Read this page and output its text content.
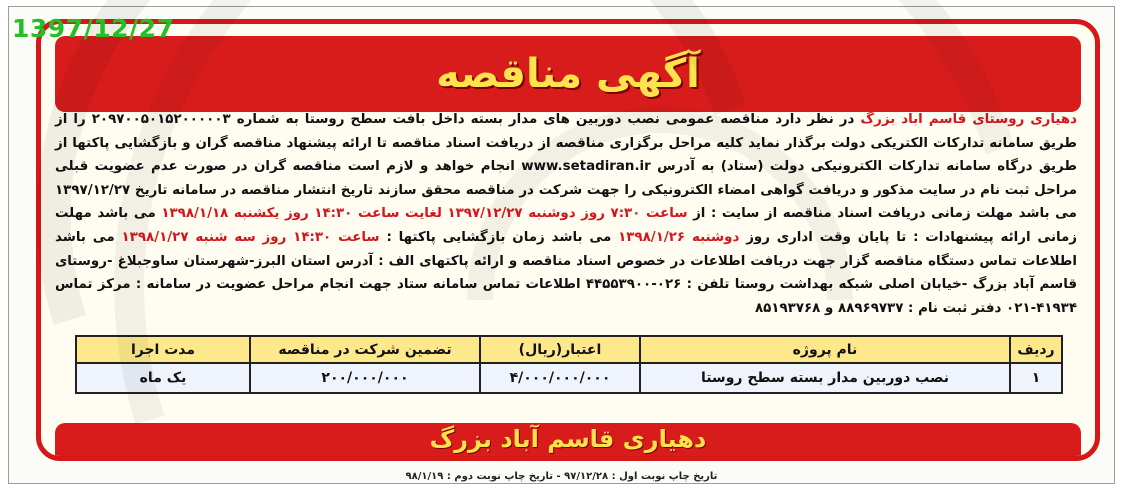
1397/12/27
آگهی مناقصه

دهیاری روستای قاسم آباد بزرگ در نظر دارد مناقصه عمومی نصب دوربین های مدار بسته داخل بافت سطح روستا به شماره ۲۰۹۷۰۰۵۰۱۵۲۰۰۰۰۰۳ را از طریق سامانه تدارکات الکتریکی دولت برگذار نماید کلیه مراحل برگزاری مناقصه از دریافت اسناد مناقصه تا ارائه پیشنهاد مناقصه گران و بازگشایی پاکتها از طریق درگاه سامانه تدارکات الکترونیکی دولت (ستاد) به آدرس www.setadiran.ir انجام خواهد و لازم است مناقصه گران در صورت عدم عضویت قبلی مراحل ثبت نام در سایت مذکور و دریافت گواهی امضاء الکترونیکی را جهت شرکت در مناقصه محقق سازند تاریخ انتشار مناقصه در سامانه تاریخ ۱۳۹۷/۱۲/۲۷ می باشد مهلت زمانی دریافت اسناد مناقصه از سایت : از ساعت ۷:۳۰ روز دوشنبه ۱۳۹۷/۱۲/۲۷ لغایت ساعت ۱۴:۳۰ روز یکشنبه ۱۳۹۸/۱/۱۸ می باشد مهلت زمانی ارائه پیشنهادات : تا پایان وقت اداری روز دوشنبه ۱۳۹۸/۱/۲۶ می باشد زمان بازگشایی پاکتها : ساعت ۱۴:۳۰ روز سه شنبه ۱۳۹۸/۱/۲۷ می باشد اطلاعات تماس دستگاه مناقصه گزار جهت دریافت اطلاعات در خصوص اسناد مناقصه و ارائه پاکتهای الف : آدرس استان البرز-شهرستان ساوجبلاغ -روستای قاسم آباد بزرگ -خیابان اصلی شبکه بهداشت روستا تلفن : ۰۲۶-۴۴۵۵۳۹۰۰ اطلاعات تماس سامانه ستاد جهت انجام مراحل عضویت در سامانه : مرکز تماس ۴۱۹۳۴-۰۲۱ دفتر ثبت نام : ۸۸۹۶۹۷۳۷ و ۸۵۱۹۳۷۶۸

ردیف	نام پروژه	اعتبار(ریال)	تضمین شرکت در مناقصه	مدت اجرا
۱	نصب دوربین مدار بسته سطح روستا	۴/۰۰۰/۰۰۰/۰۰۰	۲۰۰/۰۰۰/۰۰۰	یک ماه
دهیاری قاسم آباد بزرگ
تاریخ چاپ نوبت اول : ۹۷/۱۲/۲۸ - تاریخ چاپ نوبت دوم : ۹۸/۱/۱۹
